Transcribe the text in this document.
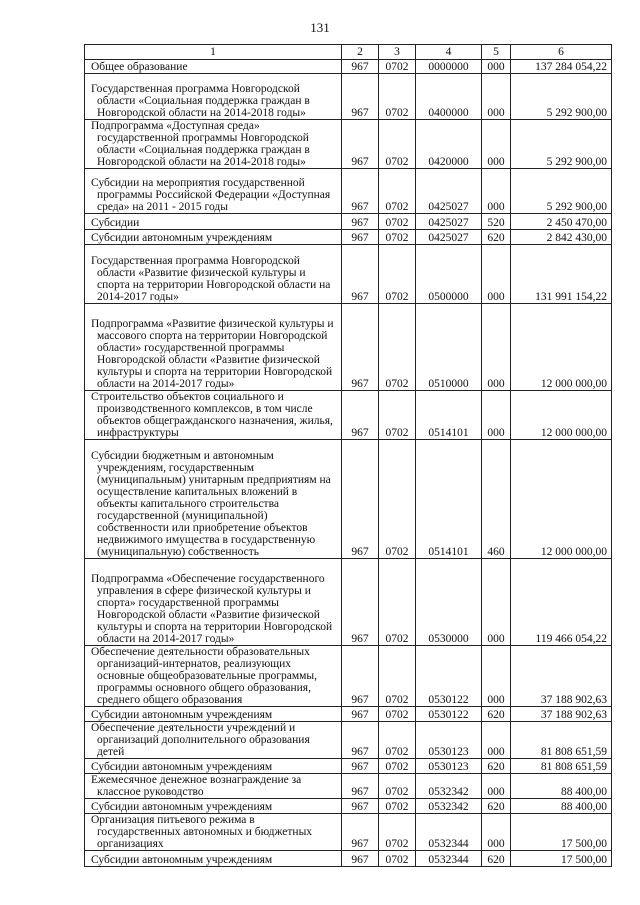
131
1	2	3	4	5	6

Общее образование	967	0702	0000000	000	137 284 054,22

Государственная программа Новгородской области «Социальная поддержка граждан в Новгородской области на 2014-2018 годы»	967	0702	0400000	000	5 292 900,00

Подпрограмма «Доступная среда» государственной программы Новгородской области «Социальная поддержка граждан в Новгородской области на 2014-2018 годы»	967	0702	0420000	000	5 292 900,00

Субсидии на мероприятия государственной программы Российской Федерации «Доступная среда» на 2011 - 2015 годы	967	0702	0425027	000	5 292 900,00

Субсидии	967	0702	0425027	520	2 450 470,00

Субсидии автономным учреждениям	967	0702	0425027	620	2 842 430,00

Государственная программа Новгородской области «Развитие физической культуры и спорта на территории Новгородской области на 2014-2017 годы»	967	0702	0500000	000	131 991 154,22

Подпрограмма «Развитие физической культуры и массового спорта на территории Новгородской области» государственной программы Новгородской области «Развитие физической культуры и спорта на территории Новгородской области на 2014-2017 годы»	967	0702	0510000	000	12 000 000,00

Строительство объектов социального и производственного комплексов, в том числе объектов общегражданского назначения, жилья, инфраструктуры	967	0702	0514101	000	12 000 000,00

Субсидии бюджетным и автономным учреждениям, государственным (муниципальным) унитарным предприятиям на осуществление капитальных вложений в объекты капитального строительства государственной (муниципальной) собственности или приобретение объектов недвижимого имущества в государственную (муниципальную) собственность	967	0702	0514101	460	12 000 000,00

Подпрограмма «Обеспечение государственного управления в сфере физической культуры и спорта» государственной программы Новгородской области «Развитие физической культуры и спорта на территории Новгородской области на 2014-2017 годы»	967	0702	0530000	000	119 466 054,22

Обеспечение деятельности образовательных организаций-интернатов, реализующих основные общеобразовательные программы, программы основного общего образования, среднего общего образования	967	0702	0530122	000	37 188 902,63

Субсидии автономным учреждениям	967	0702	0530122	620	37 188 902,63

Обеспечение деятельности учреждений и организаций дополнительного образования детей	967	0702	0530123	000	81 808 651,59

Субсидии автономным учреждениям	967	0702	0530123	620	81 808 651,59

Ежемесячное денежное вознаграждение за классное руководство	967	0702	0532342	000	88 400,00

Субсидии автономным учреждениям	967	0702	0532342	620	88 400,00

Организация питьевого режима в государственных автономных и бюджетных организациях	967	0702	0532344	000	17 500,00

Субсидии автономным учреждениям	967	0702	0532344	620	17 500,00
